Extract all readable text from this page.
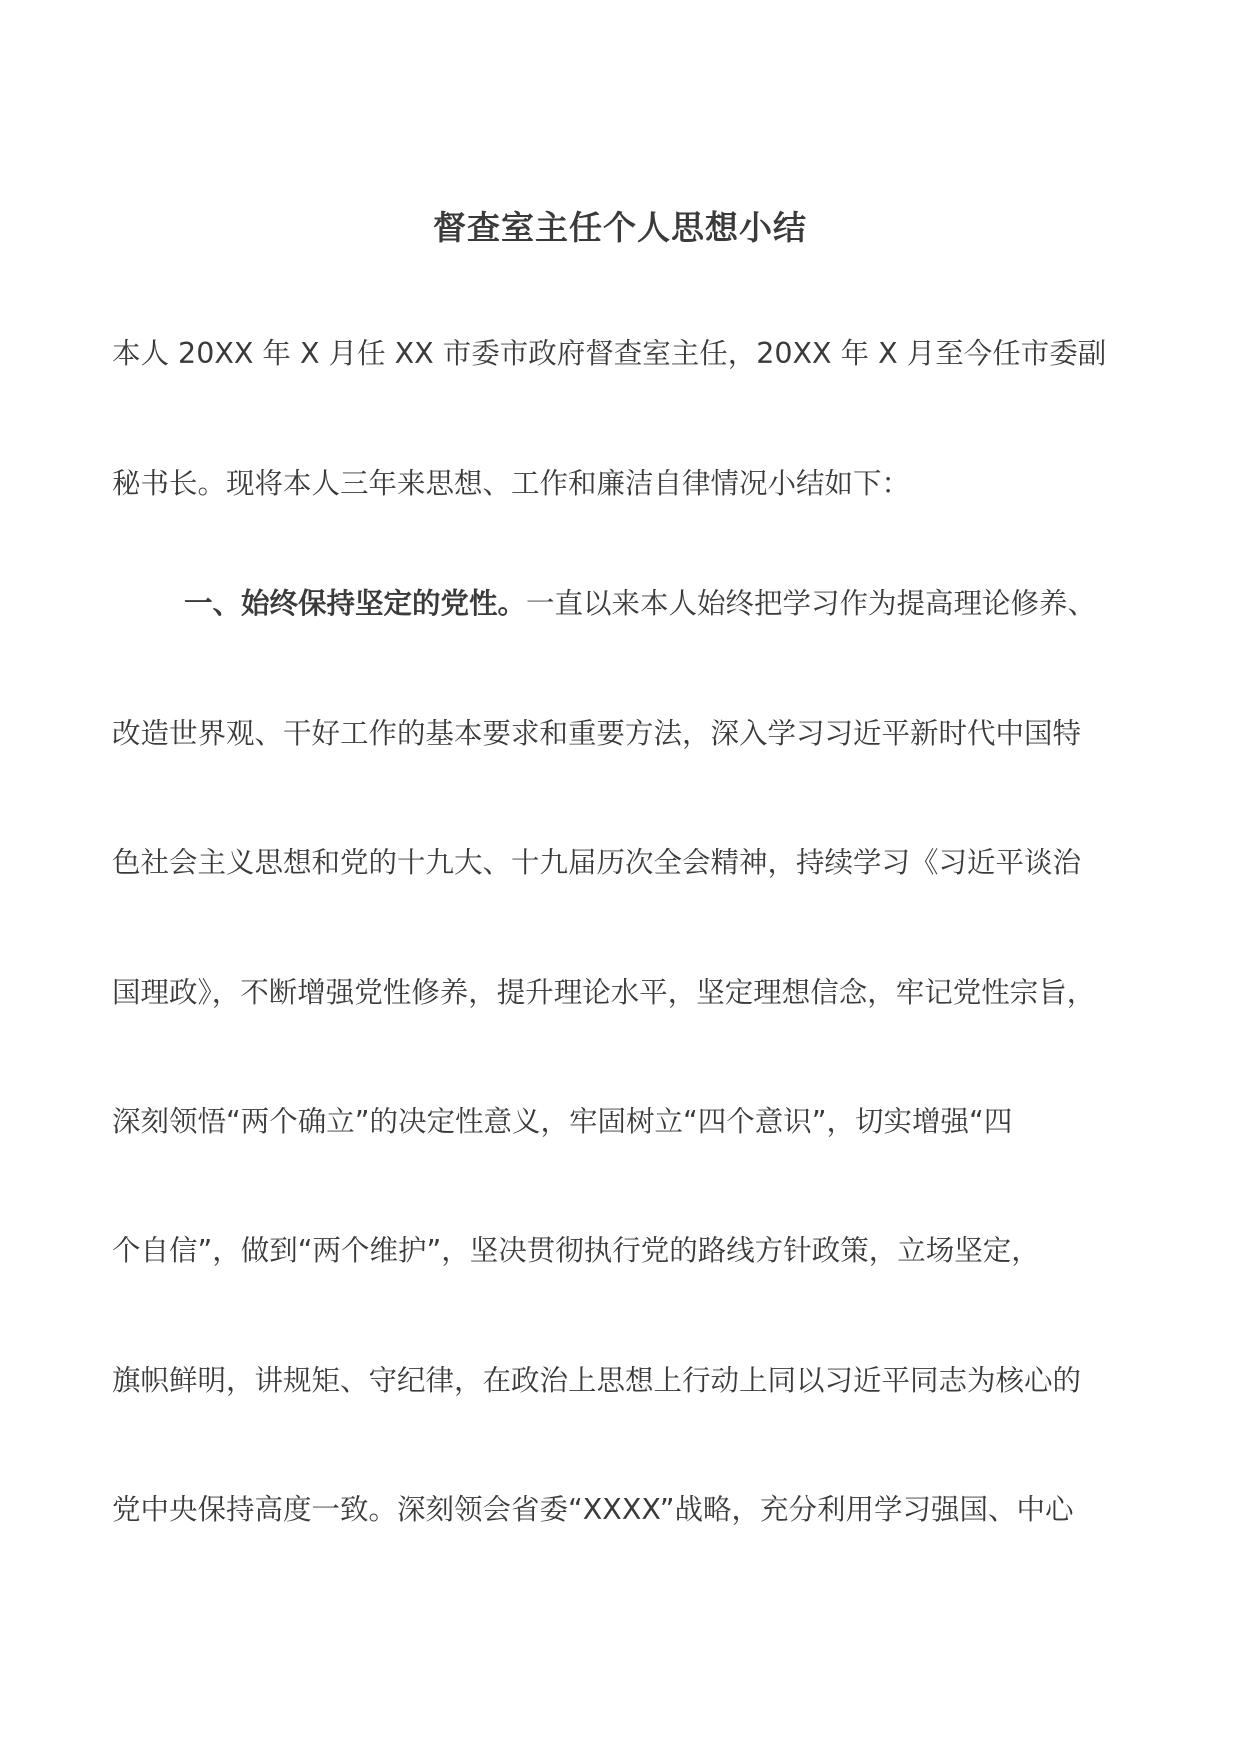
督查室主任个人思想小结
本人 20XX 年 X 月任 XX 市委市政府督查室主任，20XX 年 X 月至今任市委副
秘书长。现将本人三年来思想、工作和廉洁自律情况小结如下：
一、始终保持坚定的党性。一直以来本人始终把学习作为提高理论修养、
改造世界观、干好工作的基本要求和重要方法，深入学习习近平新时代中国特
色社会主义思想和党的十九大、十九届历次全会精神，持续学习《习近平谈治
国理政》，不断增强党性修养，提升理论水平，坚定理想信念，牢记党性宗旨，
深刻领悟“两个确立”的决定性意义，牢固树立“四个意识”，切实增强“四
个自信”，做到“两个维护”，坚决贯彻执行党的路线方针政策，立场坚定，
旗帜鲜明，讲规矩、守纪律，在政治上思想上行动上同以习近平同志为核心的
党中央保持高度一致。深刻领会省委“XXXX”战略，充分利用学习强国、中心
